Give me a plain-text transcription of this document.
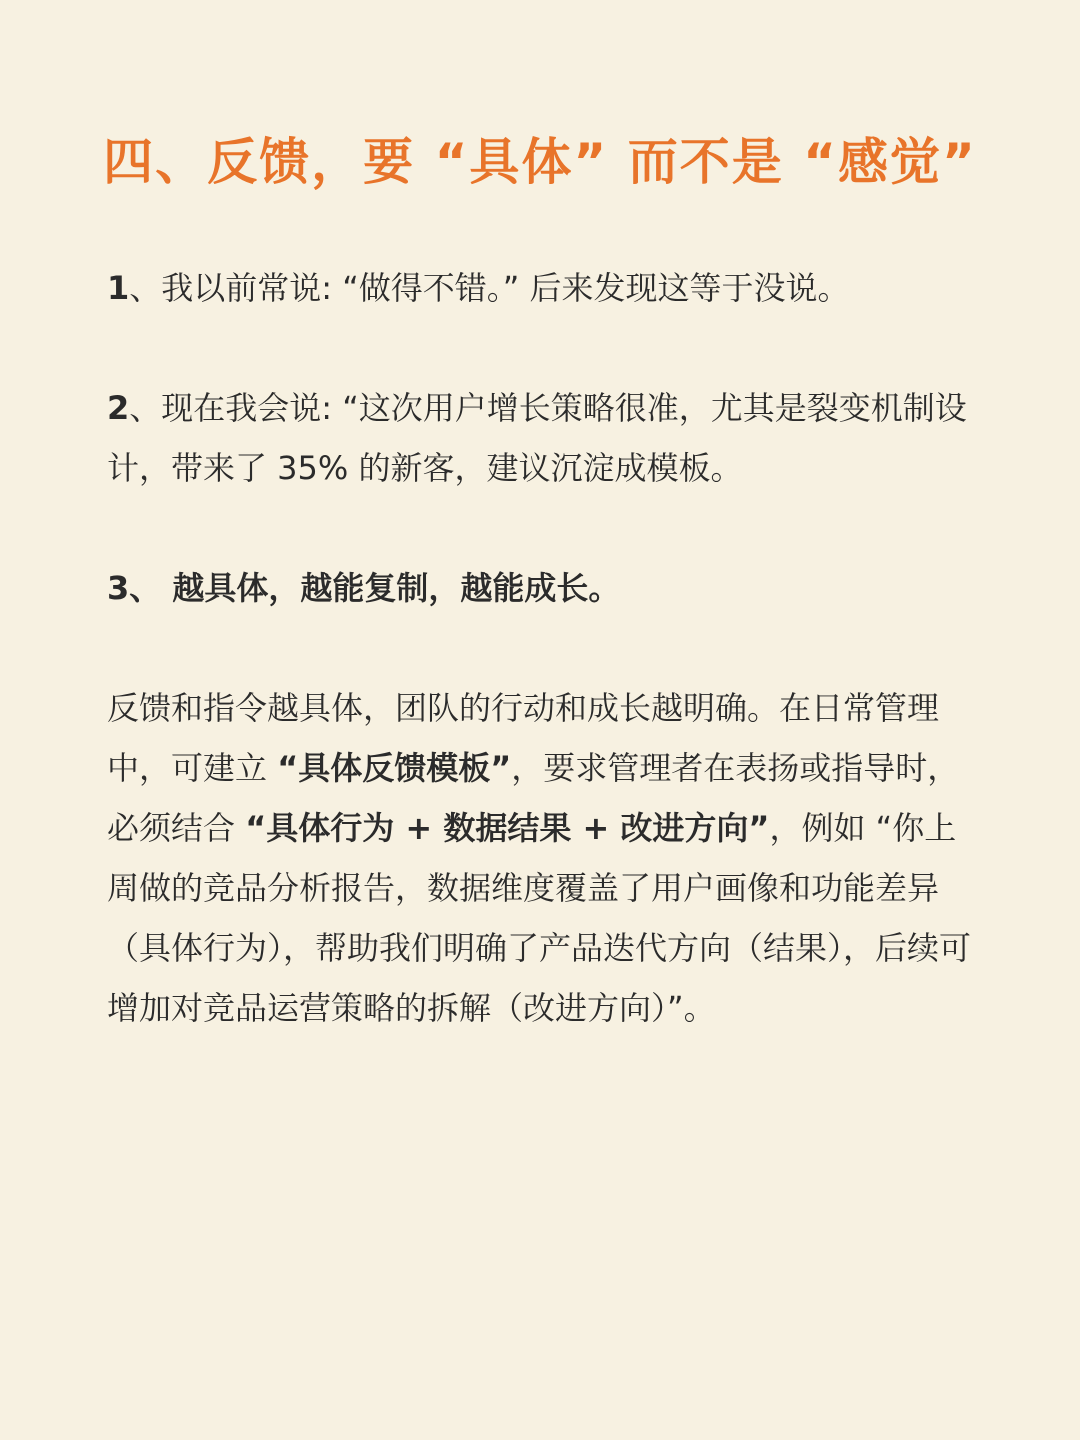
四、反馈，要 “具体” 而不是 “感觉”
1、我以前常说: “做得不错。” 后来发现这等于没说。
2、现在我会说: “这次用户增长策略很准，尤其是裂变机制设计，带来了 35% 的新客，建议沉淀成模板。
3、 越具体，越能复制，越能成长。
反馈和指令越具体，团队的行动和成长越明确。在日常管理中，可建立 “具体反馈模板”，要求管理者在表扬或指导时，必须结合 “具体行为 + 数据结果 + 改进方向”，例如 “你上周做的竞品分析报告，数据维度覆盖了用户画像和功能差异（具体行为），帮助我们明确了产品迭代方向（结果），后续可增加对竞品运营策略的拆解（改进方向）”。
